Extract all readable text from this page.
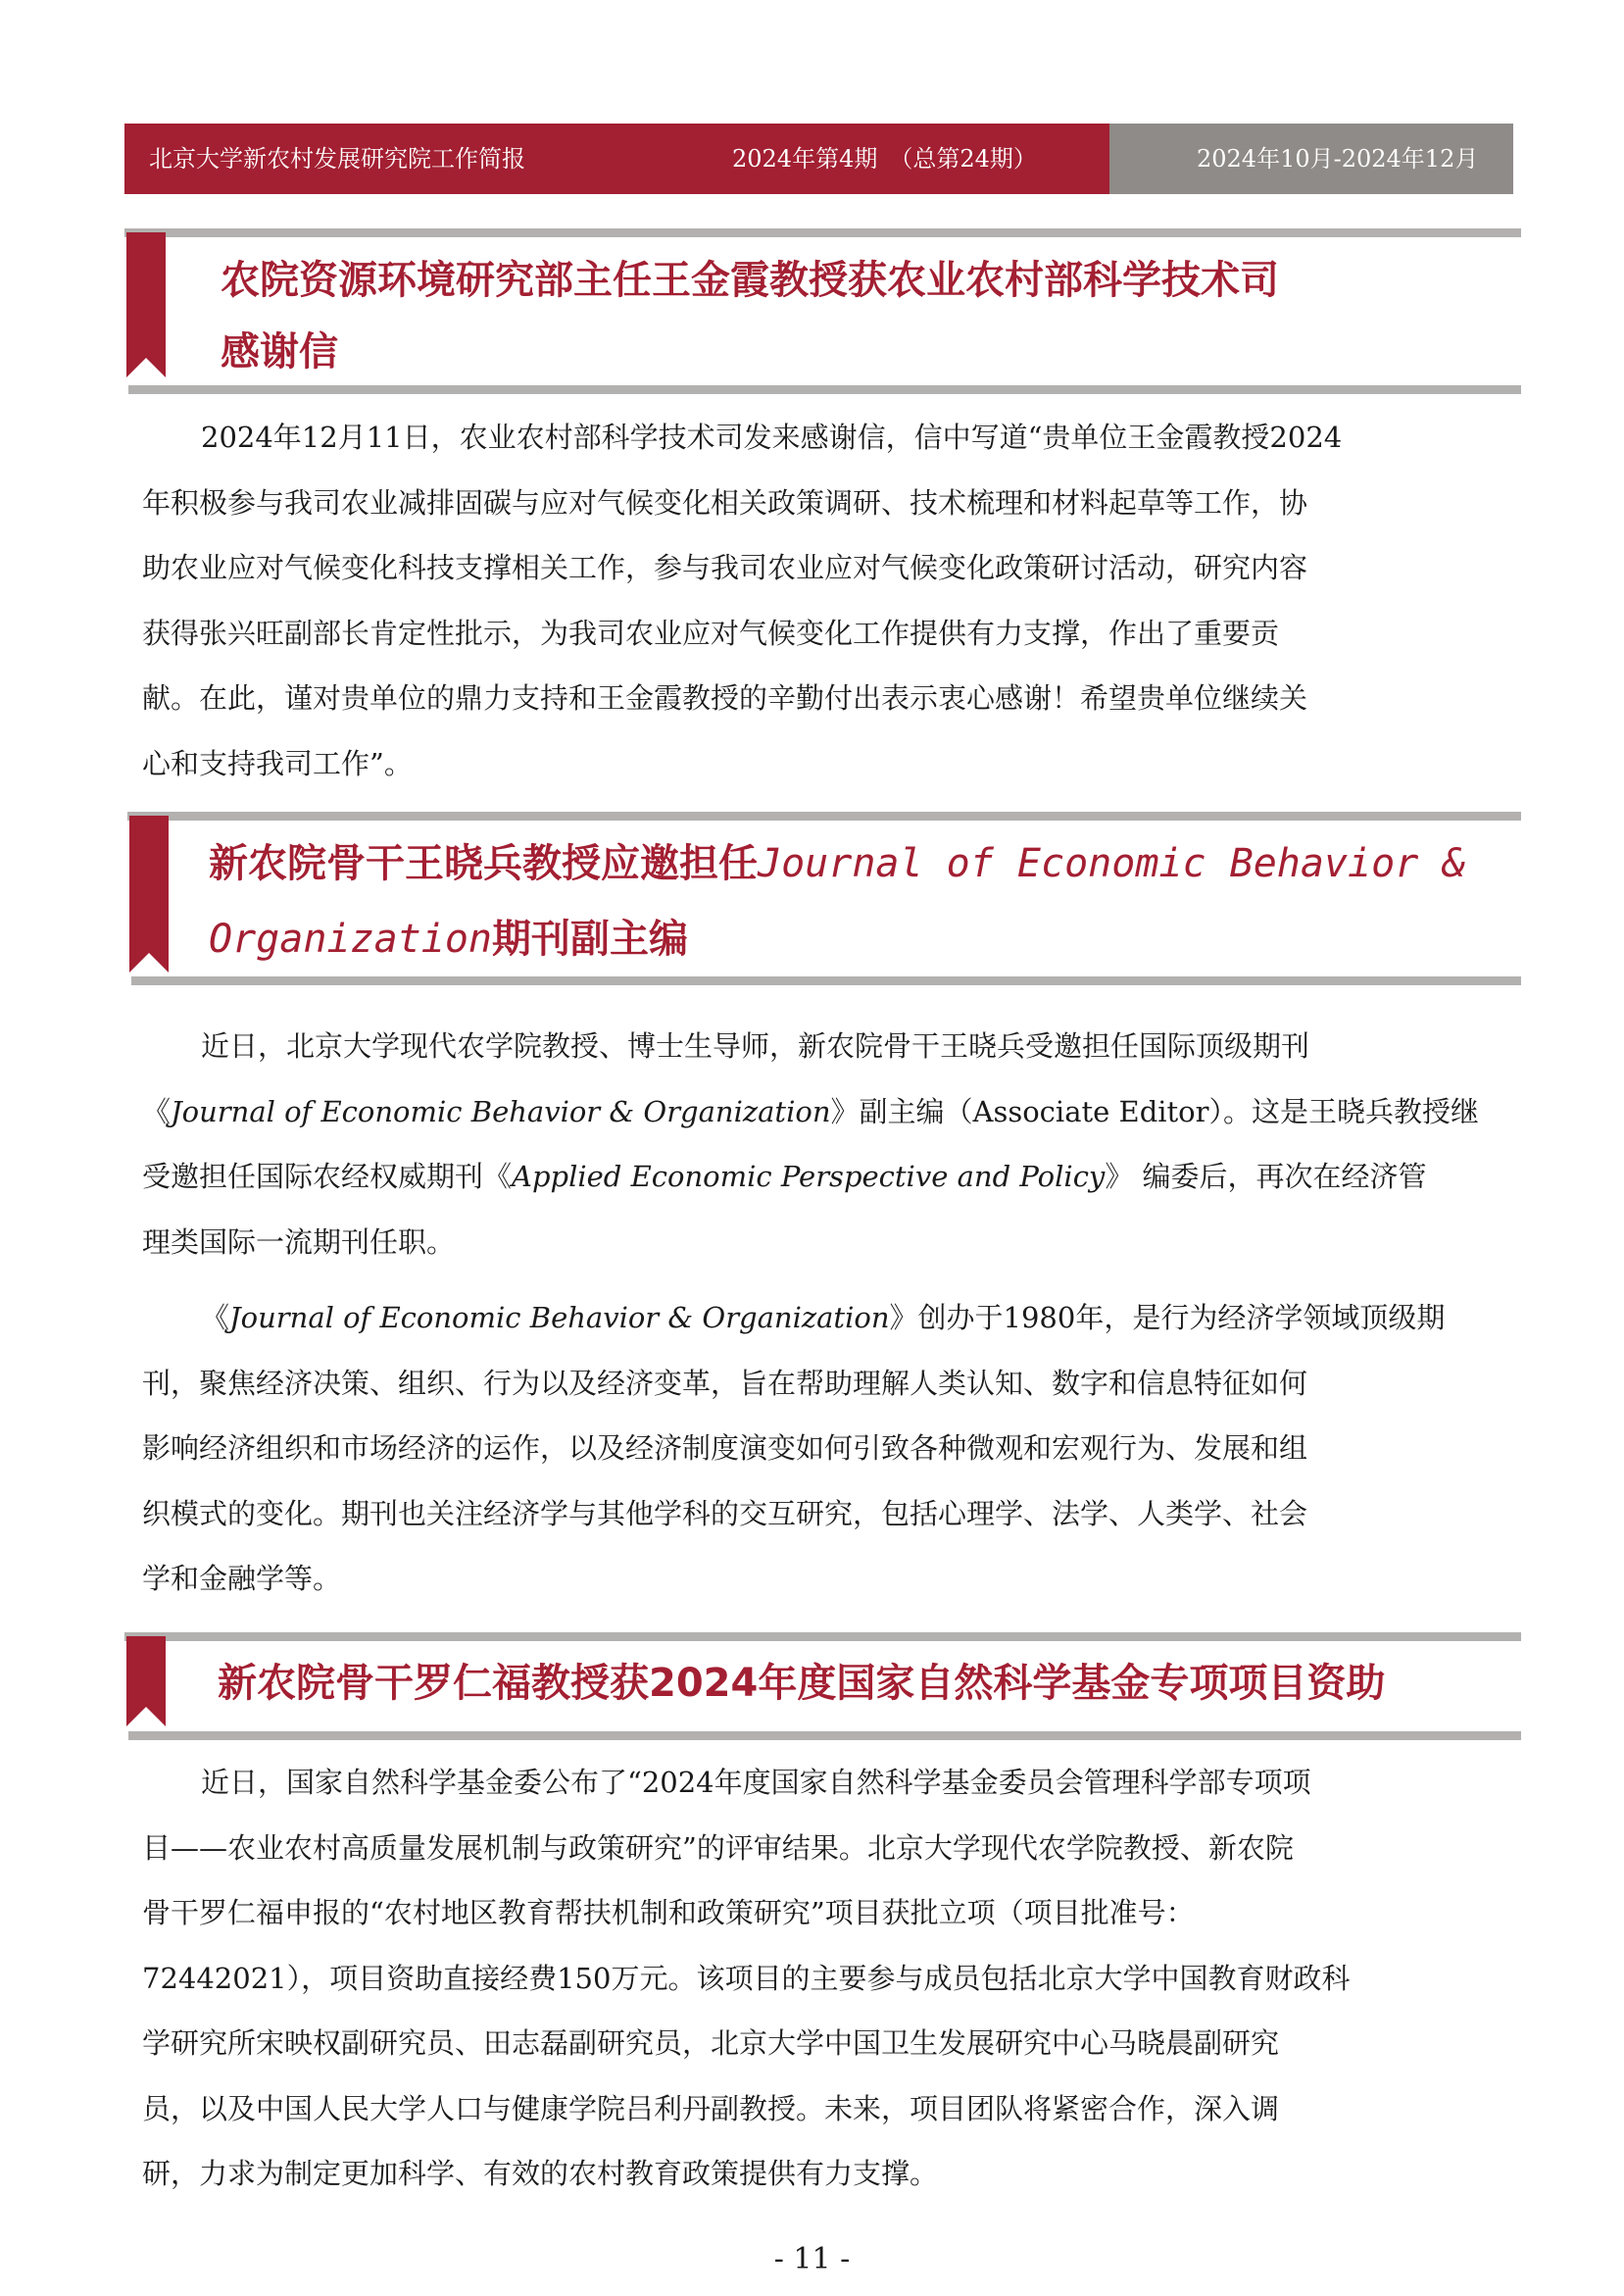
北京大学新农村发展研究院工作简报	2024年第4期　（总第24期）	2024年10月-2024年12月
农院资源环境研究部主任王金霞教授获农业农村部科学技术司
感谢信
2024年12月11日，农业农村部科学技术司发来感谢信，信中写道“贵单位王金霞教授2024
年积极参与我司农业减排固碳与应对气候变化相关政策调研、技术梳理和材料起草等工作，协
助农业应对气候变化科技支撑相关工作，参与我司农业应对气候变化政策研讨活动，研究内容
获得张兴旺副部长肯定性批示，为我司农业应对气候变化工作提供有力支撑，作出了重要贡
献。在此，谨对贵单位的鼎力支持和王金霞教授的辛勤付出表示衷心感谢！希望贵单位继续关
心和支持我司工作”。
新农院骨干王晓兵教授应邀担任Journal of Economic Behavior &
Organization期刊副主编
近日，北京大学现代农学院教授、博士生导师，新农院骨干王晓兵受邀担任国际顶级期刊
《Journal of Economic Behavior & Organization》副主编（Associate Editor）。这是王晓兵教授继
受邀担任国际农经权威期刊《Applied Economic Perspective and Policy》 编委后，再次在经济管
理类国际一流期刊任职。
《Journal of Economic Behavior & Organization》创办于1980年，是行为经济学领域顶级期
刊，聚焦经济决策、组织、行为以及经济变革，旨在帮助理解人类认知、数字和信息特征如何
影响经济组织和市场经济的运作，以及经济制度演变如何引致各种微观和宏观行为、发展和组
织模式的变化。期刊也关注经济学与其他学科的交互研究，包括心理学、法学、人类学、社会
学和金融学等。
新农院骨干罗仁福教授获2024年度国家自然科学基金专项项目资助
近日，国家自然科学基金委公布了“2024年度国家自然科学基金委员会管理科学部专项项
目——农业农村高质量发展机制与政策研究”的评审结果。北京大学现代农学院教授、新农院
骨干罗仁福申报的“农村地区教育帮扶机制和政策研究”项目获批立项（项目批准号：
72442021），项目资助直接经费150万元。该项目的主要参与成员包括北京大学中国教育财政科
学研究所宋映权副研究员、田志磊副研究员，北京大学中国卫生发展研究中心马晓晨副研究
员，以及中国人民大学人口与健康学院吕利丹副教授。未来，项目团队将紧密合作，深入调
研，力求为制定更加科学、有效的农村教育政策提供有力支撑。
- 11 -
